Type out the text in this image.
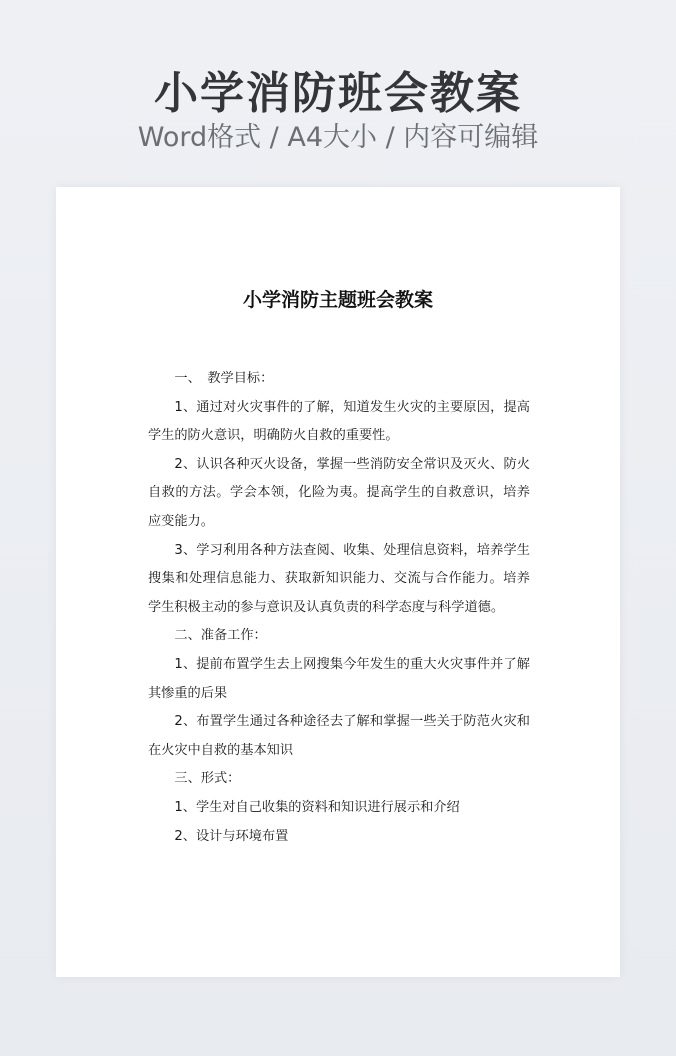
小学消防班会教案
Word格式 / A4大小 / 内容可编辑
小学消防主题班会教案

一、　教学目标：

1、通过对火灾事件的了解，知道发生火灾的主要原因，提高学生的防火意识，明确防火自救的重要性。

2、认识各种灭火设备，掌握一些消防安全常识及灭火、防火自救的方法。学会本领，化险为夷。提高学生的自救意识，培养应变能力。

3、学习利用各种方法查阅、收集、处理信息资料，培养学生搜集和处理信息能力、获取新知识能力、交流与合作能力。培养学生积极主动的参与意识及认真负责的科学态度与科学道德。

二、准备工作：

1、提前布置学生去上网搜集今年发生的重大火灾事件并了解其惨重的后果

2、布置学生通过各种途径去了解和掌握一些关于防范火灾和在火灾中自救的基本知识

三、形式：

1、学生对自己收集的资料和知识进行展示和介绍

2、设计与环境布置
